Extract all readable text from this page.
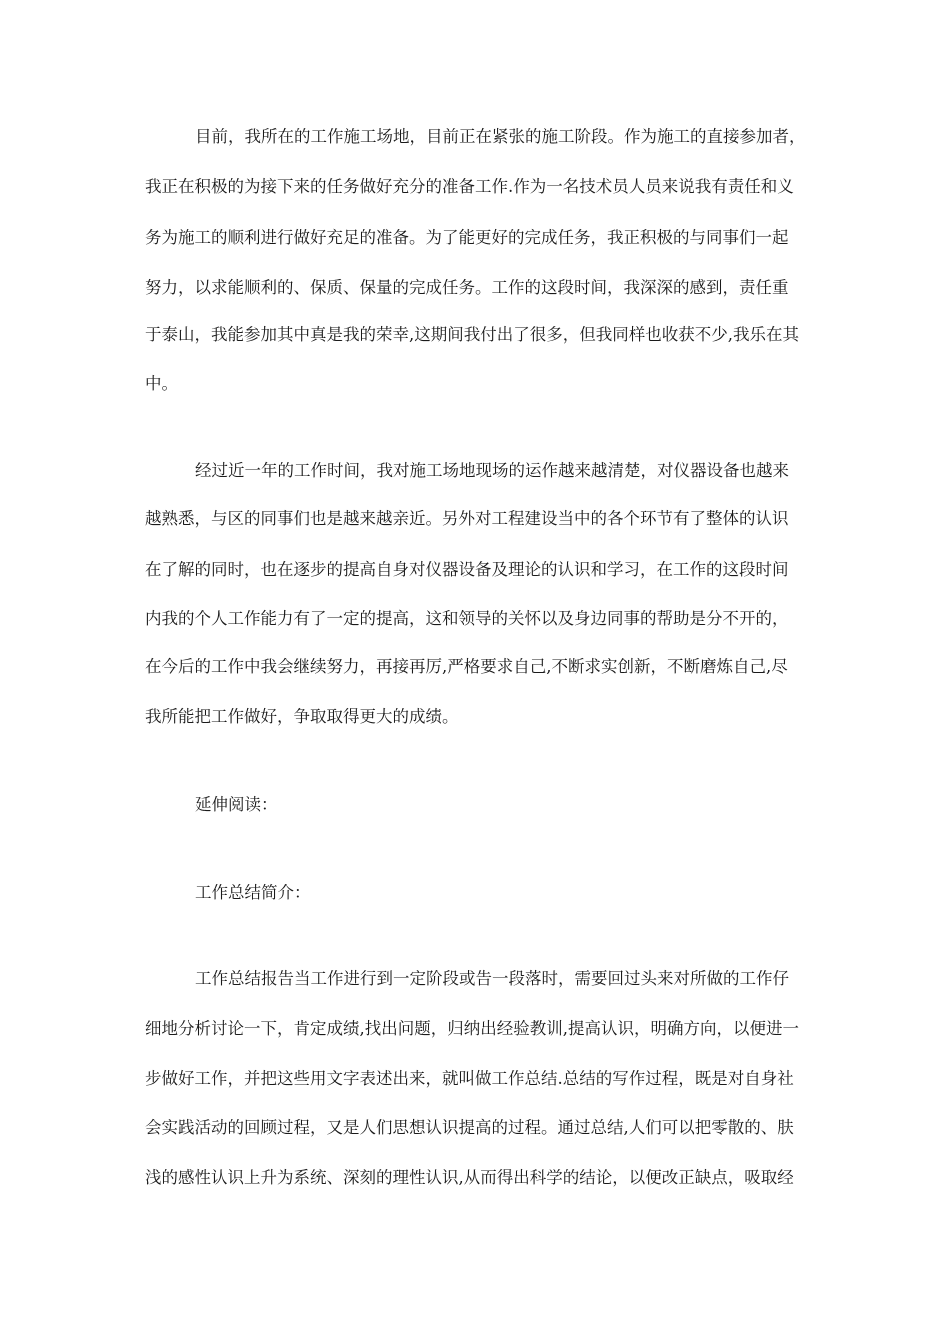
目前，我所在的工作施工场地，目前正在紧张的施工阶段。作为施工的直接参加者，
我正在积极的为接下来的任务做好充分的准备工作.作为一名技术员人员来说我有责任和义
务为施工的顺利进行做好充足的准备。为了能更好的完成任务，我正积极的与同事们一起
努力，以求能顺利的、保质、保量的完成任务。工作的这段时间，我深深的感到，责任重
于泰山，我能参加其中真是我的荣幸,这期间我付出了很多，但我同样也收获不少,我乐在其
中。
经过近一年的工作时间，我对施工场地现场的运作越来越清楚，对仪器设备也越来
越熟悉，与区的同事们也是越来越亲近。另外对工程建设当中的各个环节有了整体的认识
在了解的同时，也在逐步的提高自身对仪器设备及理论的认识和学习，在工作的这段时间
内我的个人工作能力有了一定的提高，这和领导的关怀以及身边同事的帮助是分不开的，
在今后的工作中我会继续努力，再接再厉,严格要求自己,不断求实创新，不断磨炼自己,尽
我所能把工作做好，争取取得更大的成绩。
延伸阅读：
工作总结简介：
工作总结报告当工作进行到一定阶段或告一段落时，需要回过头来对所做的工作仔
细地分析讨论一下，肯定成绩,找出问题，归纳出经验教训,提高认识，明确方向，以便进一
步做好工作，并把这些用文字表述出来，就叫做工作总结.总结的写作过程，既是对自身社
会实践活动的回顾过程，又是人们思想认识提高的过程。通过总结,人们可以把零散的、肤
浅的感性认识上升为系统、深刻的理性认识,从而得出科学的结论，以便改正缺点，吸取经
